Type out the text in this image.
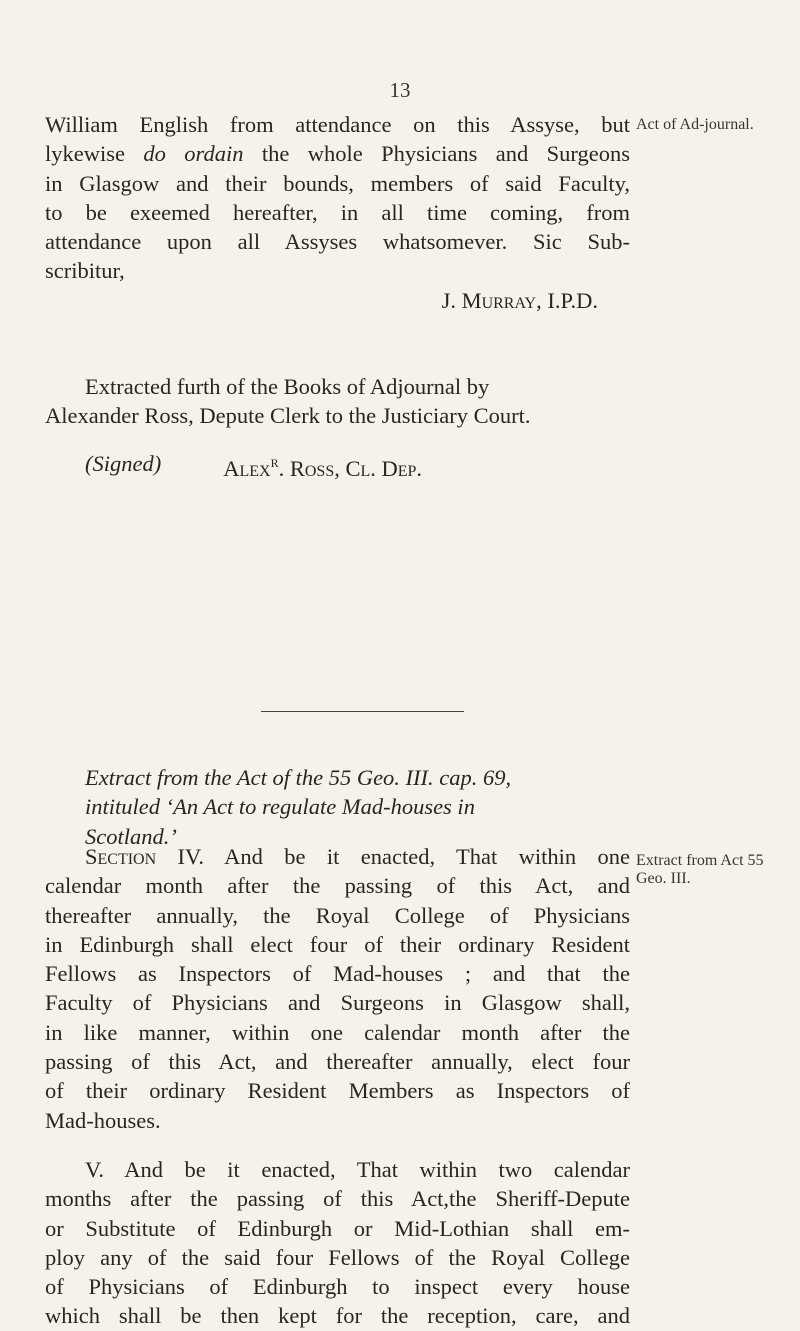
13
William English from attendance on this Assyse, but
lykewise do ordain the whole Physicians and Surgeons
in Glasgow and their bounds, members of said Faculty,
to be exeemed hereafter, in all time coming, from
attendance upon all Assyses whatsomever. Sic Sub-
scribitur,
J. Murray, I.P.D.
Act of Ad-journal.
Extracted furth of the Books of Adjournal by
Alexander Ross, Depute Clerk to the Justiciary Court.
(Signed)	Alex$^R$. Ross, Cl. Dep.
Extract from the Act of the 55 Geo. III. cap. 69,
intituled ‘An Act to regulate Mad-houses in
Scotland.’
Section IV. And be it enacted, That within one
calendar month after the passing of this Act, and
thereafter annually, the Royal College of Physicians
in Edinburgh shall elect four of their ordinary Resident
Fellows as Inspectors of Mad-houses ; and that the
Faculty of Physicians and Surgeons in Glasgow shall,
in like manner, within one calendar month after the
passing of this Act, and thereafter annually, elect four
of their ordinary Resident Members as Inspectors of
Mad-houses.
Extract from Act 55 Geo. III.
V. And be it enacted, That within two calendar
months after the passing of this Act,the Sheriff-Depute
or Substitute of Edinburgh or Mid-Lothian shall em-
ploy any of the said four Fellows of the Royal College
of Physicians of Edinburgh to inspect every house
which shall be then kept for the reception, care, and
